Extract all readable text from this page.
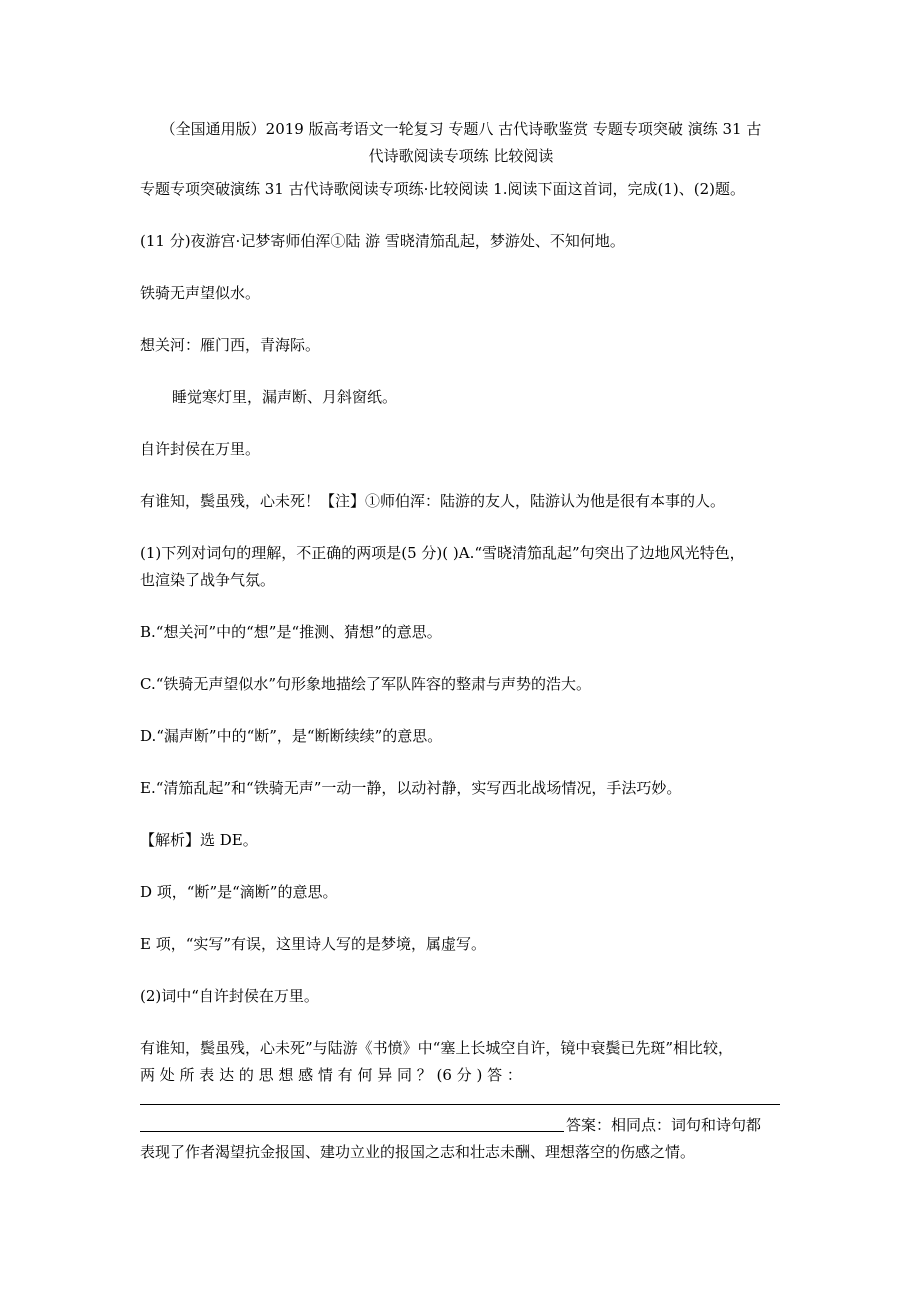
（全国通用版）2019 版高考语文一轮复习 专题八 古代诗歌鉴赏 专题专项突破 演练 31 古
代诗歌阅读专项练 比较阅读
专题专项突破演练 31 古代诗歌阅读专项练·比较阅读 1.阅读下面这首词，完成(1)、(2)题。
(11 分)夜游宫·记梦寄师伯浑①陆 游 雪晓清笳乱起，梦游处、不知何地。
铁骑无声望似水。
想关河：雁门西，青海际。
睡觉寒灯里，漏声断、月斜窗纸。
自许封侯在万里。
有谁知，鬓虽残，心未死！【注】①师伯浑：陆游的友人，陆游认为他是很有本事的人。
(1)下列对词句的理解，不正确的两项是(5 分)( )A.“雪晓清笳乱起”句突出了边地风光特色，
也渲染了战争气氛。
B.“想关河”中的“想”是“推测、猜想”的意思。
C.“铁骑无声望似水”句形象地描绘了军队阵容的整肃与声势的浩大。
D.“漏声断”中的“断”，是“断断续续”的意思。
E.“清笳乱起”和“铁骑无声”一动一静，以动衬静，实写西北战场情况，手法巧妙。
【解析】选 DE。
D 项，“断”是“滴断”的意思。
E 项，“实写”有误，这里诗人写的是梦境，属虚写。
(2)词中“自许封侯在万里。
有谁知，鬓虽残，心未死”与陆游《书愤》中“塞上长城空自许，镜中衰鬓已先斑”相比较，
两 处 所 表 达 的 思 想 感 情 有 何 异 同 ？ (6 分 ) 答 ：
答案：相同点：词句和诗句都
表现了作者渴望抗金报国、建功立业的报国之志和壮志未酬、理想落空的伤感之情。
